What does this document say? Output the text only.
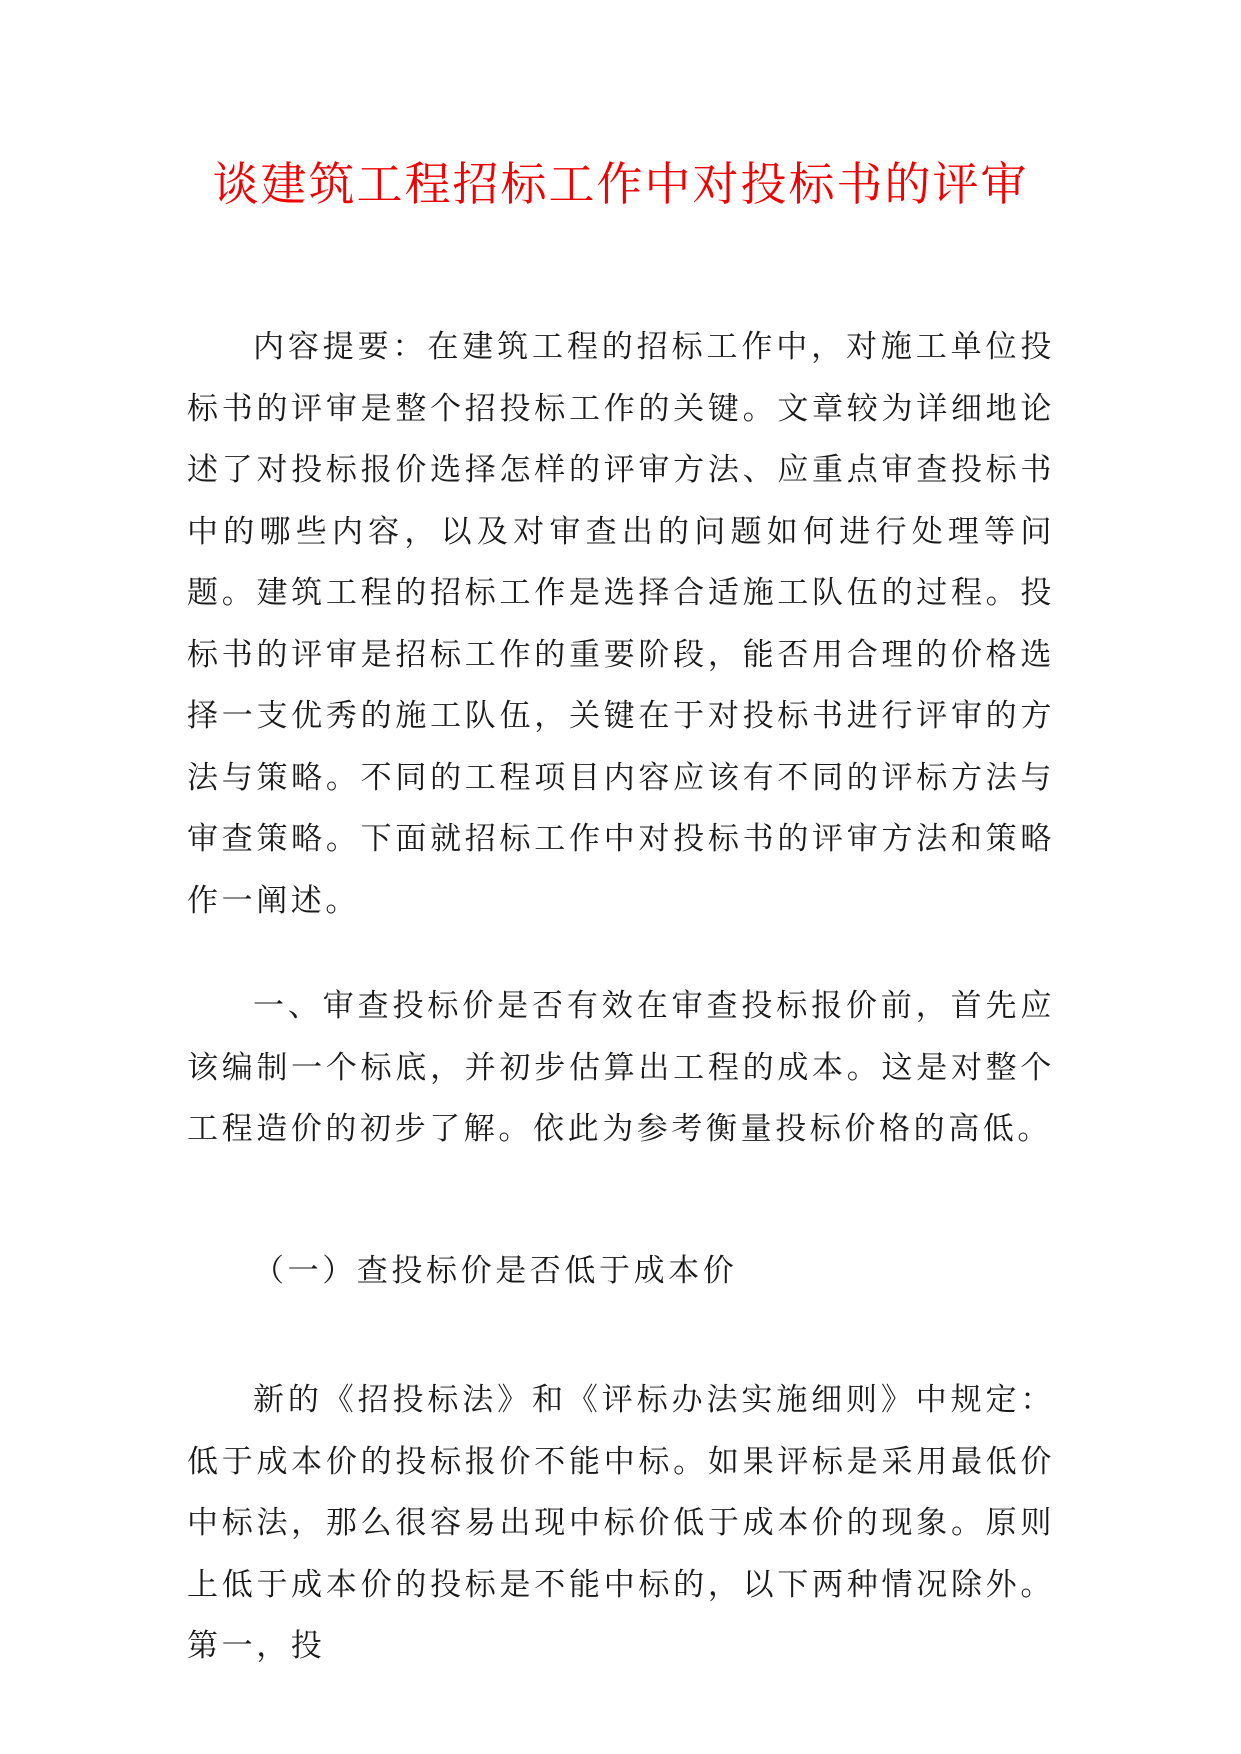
谈建筑工程招标工作中对投标书的评审

内容提要：在建筑工程的招标工作中，对施工单位投标书的评审是整个招投标工作的关键。文章较为详细地论述了对投标报价选择怎样的评审方法、应重点审查投标书中的哪些内容，以及对审查出的问题如何进行处理等问题。建筑工程的招标工作是选择合适施工队伍的过程。投标书的评审是招标工作的重要阶段，能否用合理的价格选择一支优秀的施工队伍，关键在于对投标书进行评审的方法与策略。不同的工程项目内容应该有不同的评标方法与审查策略。下面就招标工作中对投标书的评审方法和策略作一阐述。

一、审查投标价是否有效在审查投标报价前，首先应该编制一个标底，并初步估算出工程的成本。这是对整个工程造价的初步了解。依此为参考衡量投标价格的高低。

（一）查投标价是否低于成本价

新的《招投标法》和《评标办法实施细则》中规定：低于成本价的投标报价不能中标。如果评标是采用最低价中标法，那么很容易出现中标价低于成本价的现象。原则上低于成本价的投标是不能中标的，以下两种情况除外。第一，投
